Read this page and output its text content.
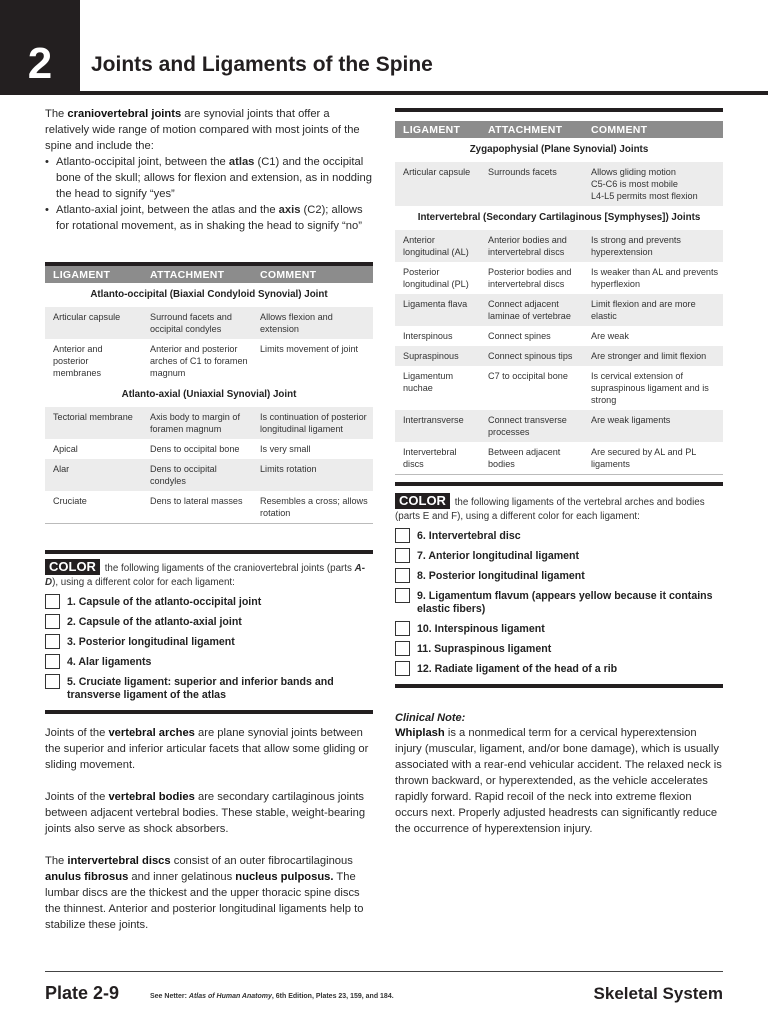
2	Joints and Ligaments of the Spine

The craniovertebral joints are synovial joints that offer a relatively wide range of motion compared with most joints of the spine and include the:

• Atlanto-occipital joint, between the atlas (C1) and the occipital bone of the skull; allows for flexion and extension, as in nodding the head to signify “yes”
• Atlanto-axial joint, between the atlas and the axis (C2); allows for rotational movement, as in shaking the head to signify “no”
LIGAMENT	ATTACHMENT	COMMENT
Atlanto-occipital (Biaxial Condyloid Synovial) Joint		
Articular capsule	Surround facets and occipital condyles	Allows flexion and extension
Anterior and posterior membranes	Anterior and posterior arches of C1 to foramen magnum	Limits movement of joint
Atlanto-axial (Uniaxial Synovial) Joint		
Tectorial membrane	Axis body to margin of foramen magnum	Is continuation of posterior longitudinal ligament
Apical	Dens to occipital bone	Is very small
Alar	Dens to occipital condyles	Limits rotation
Cruciate	Dens to lateral masses	Resembles a cross; allows rotation
COLOR the following ligaments of the craniovertebral joints (parts A-D), using a different color for each ligament:
1. Capsule of the atlanto-occipital joint
2. Capsule of the atlanto-axial joint
3. Posterior longitudinal ligament
4. Alar ligaments
5. Cruciate ligament: superior and inferior bands and transverse ligament of the atlas

Joints of the vertebral arches are plane synovial joints between the superior and inferior articular facets that allow some gliding or sliding movement.

Joints of the vertebral bodies are secondary cartilaginous joints between adjacent vertebral bodies. These stable, weight-bearing joints also serve as shock absorbers.

The intervertebral discs consist of an outer fibrocartilaginous anulus fibrosus and inner gelatinous nucleus pulposus. The lumbar discs are the thickest and the upper thoracic spine discs the thinnest. Anterior and posterior longitudinal ligaments help to stabilize these joints.

LIGAMENT	ATTACHMENT	COMMENT
Zygapophysial (Plane Synovial) Joints		
Articular capsule	Surrounds facets	Allows gliding motion
C5-C6 is most mobile
L4-L5 permits most flexion
Intervertebral (Secondary Cartilaginous [Symphyses]) Joints		
Anterior longitudinal (AL)	Anterior bodies and intervertebral discs	Is strong and prevents hyperextension
Posterior longitudinal (PL)	Posterior bodies and intervertebral discs	Is weaker than AL and prevents hyperflexion
Ligamenta flava	Connect adjacent laminae of vertebrae	Limit flexion and are more elastic
Interspinous	Connect spines	Are weak
Supraspinous	Connect spinous tips	Are stronger and limit flexion
Ligamentum nuchae	C7 to occipital bone	Is cervical extension of supraspinous ligament and is strong
Intertransverse	Connect transverse processes	Are weak ligaments
Intervertebral discs	Between adjacent bodies	Are secured by AL and PL ligaments
COLOR the following ligaments of the vertebral arches and bodies (parts E and F), using a different color for each ligament:
6. Intervertebral disc
7. Anterior longitudinal ligament
8. Posterior longitudinal ligament
9. Ligamentum flavum (appears yellow because it contains elastic fibers)
10. Interspinous ligament
11. Supraspinous ligament
12. Radiate ligament of the head of a rib
Clinical Note:

Whiplash is a nonmedical term for a cervical hyperextension injury (muscular, ligament, and/or bone damage), which is usually associated with a rear-end vehicular accident. The relaxed neck is thrown backward, or hyperextended, as the vehicle accelerates rapidly forward. Rapid recoil of the neck into extreme flexion occurs next. Properly adjusted headrests can significantly reduce the occurrence of hyperextension injury.

Plate 2-9	See Netter: Atlas of Human Anatomy, 6th Edition, Plates 23, 159, and 184.	Skeletal System
